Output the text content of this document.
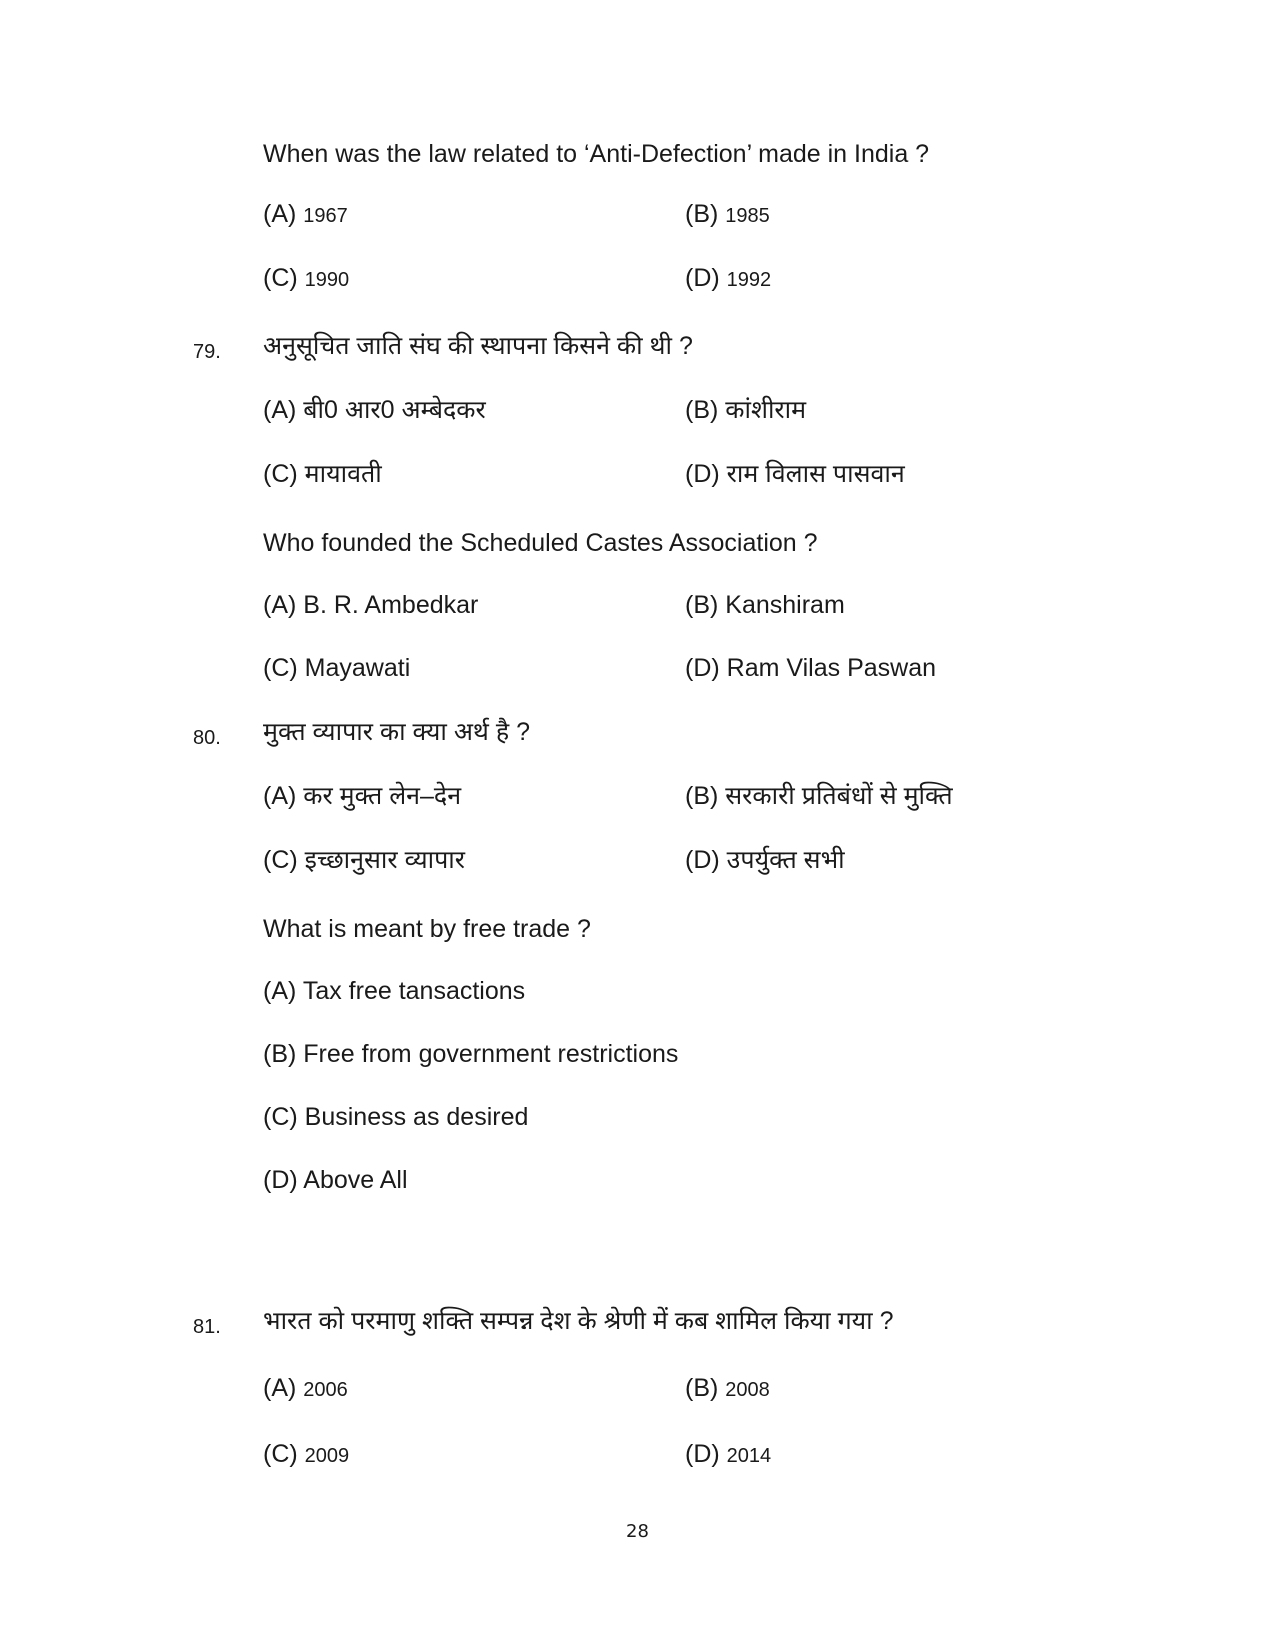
When was the law related to ‘Anti-Defection’ made in India ?
(A) 1967	(B) 1985
(C) 1990	(D) 1992
79. अनुसूचित जाति संघ की स्थापना किसने की थी ?
(A) बी0 आर0 अम्बेदकर	(B) कांशीराम
(C) मायावती	(D) राम विलास पासवान
Who founded the Scheduled Castes Association ?
(A) B. R. Ambedkar	(B) Kanshiram
(C) Mayawati	(D) Ram Vilas Paswan
80. मुक्त व्यापार का क्या अर्थ है ?
(A) कर मुक्त लेन–देन	(B) सरकारी प्रतिबंधों से मुक्ति
(C) इच्छानुसार व्यापार	(D) उपर्युक्त सभी
What is meant by free trade ?
(A) Tax free tansactions
(B) Free from government restrictions
(C) Business as desired
(D) Above All
81. भारत को परमाणु शक्ति सम्पन्न देश के श्रेणी में कब शामिल किया गया ?
(A) 2006	(B) 2008
(C) 2009	(D) 2014
28
